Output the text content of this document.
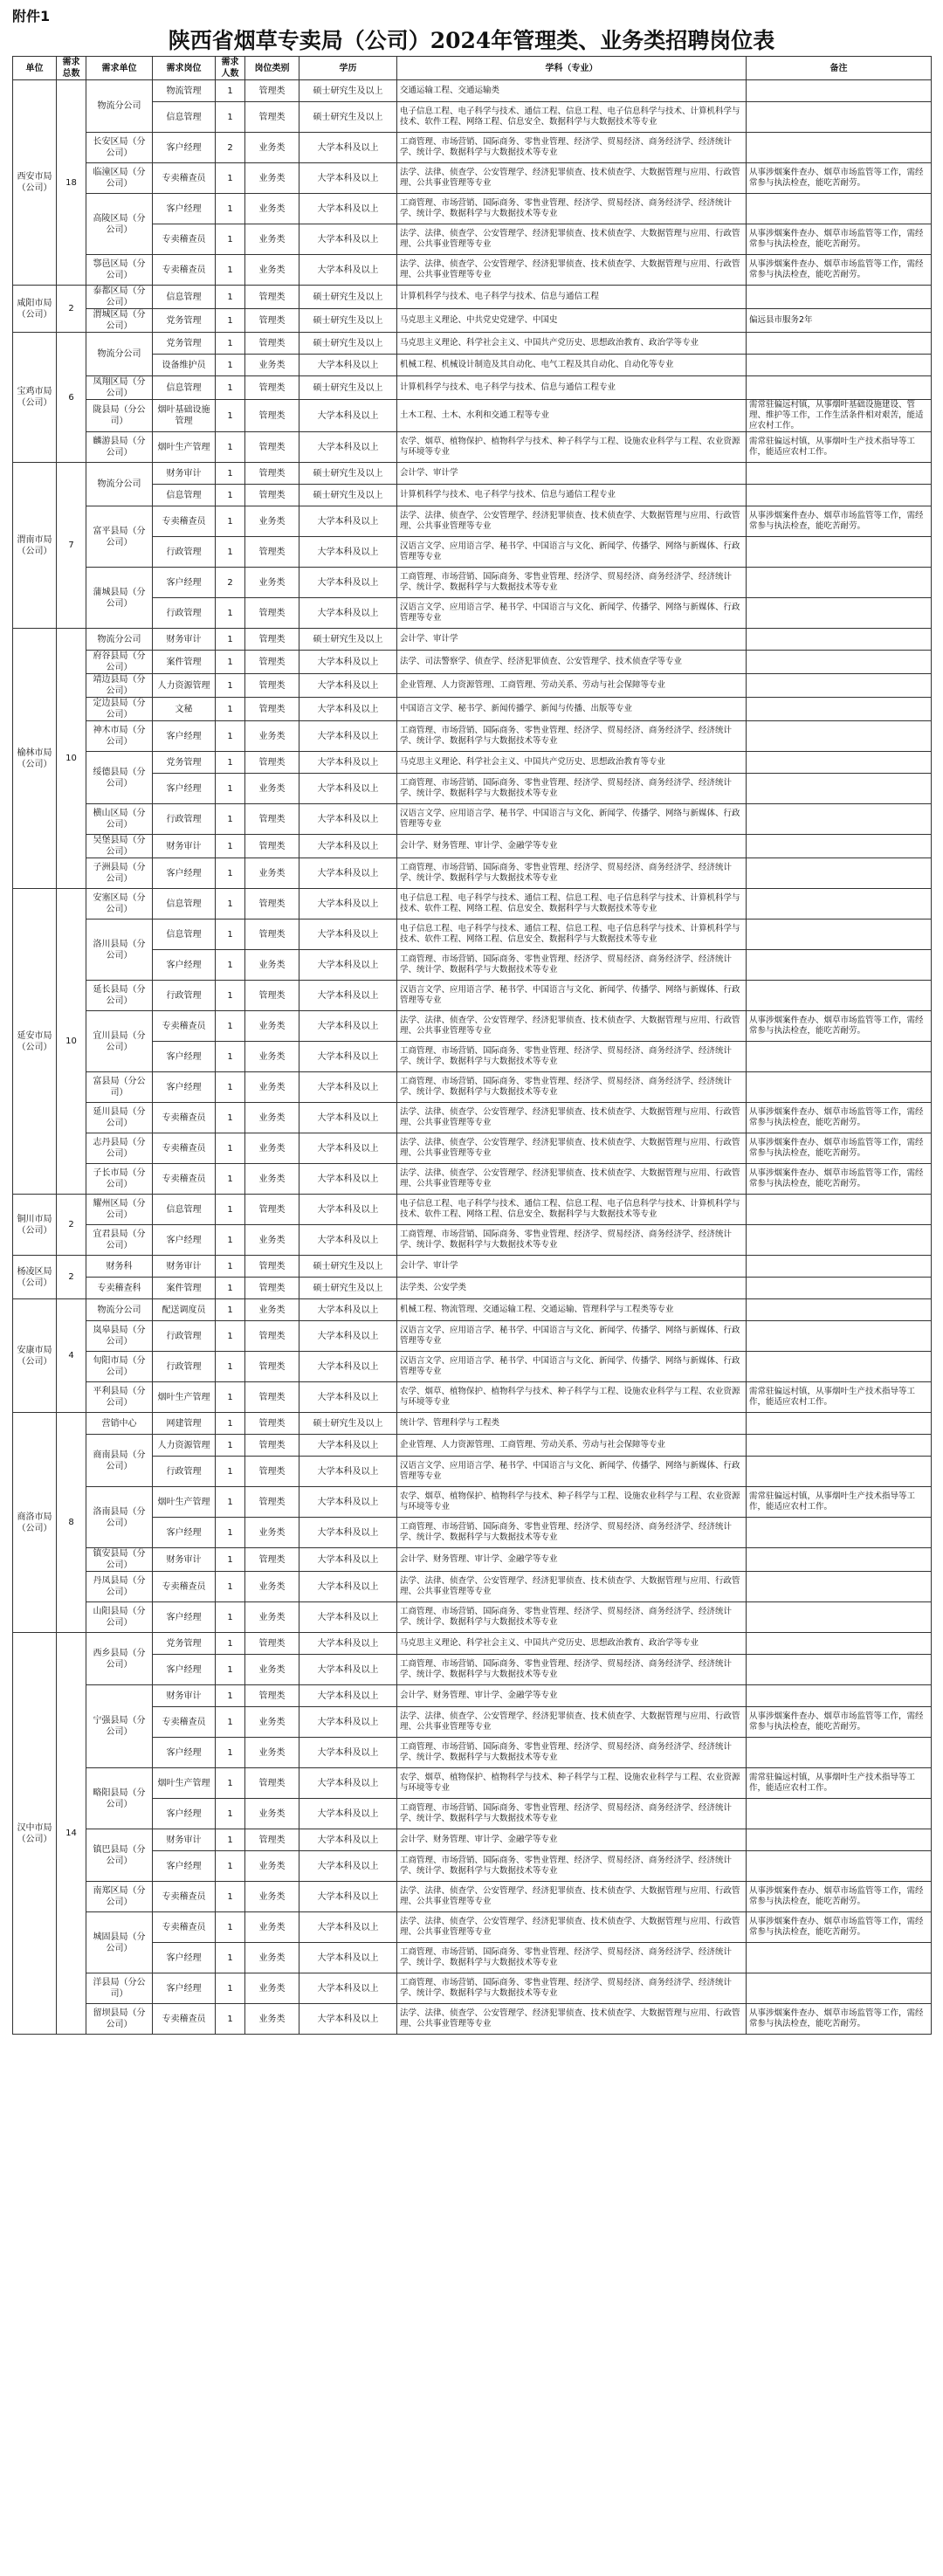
附件1
陕西省烟草专卖局（公司）2024年管理类、业务类招聘岗位表
单位	需求总数	需求单位	需求岗位	需求人数	岗位类别	学历	学科（专业）	备注
西安市局（公司）	18	物流分公司	物流管理	1	管理类	硕士研究生及以上	交通运输工程、交通运输类	
			信息管理	1	管理类	硕士研究生及以上	电子信息工程、电子科学与技术、通信工程、信息工程、电子信息科学与技术、计算机科学与技术、软件工程、网络工程、信息安全、数据科学与大数据技术等专业	
		长安区局（分公司）	客户经理	2	业务类	大学本科及以上	工商管理、市场营销、国际商务、零售业管理、经济学、贸易经济、商务经济学、经济统计学、统计学、数据科学与大数据技术等专业	
		临潼区局（分公司）	专卖稽查员	1	业务类	大学本科及以上	法学、法律、侦查学、公安管理学、经济犯罪侦查、技术侦查学、大数据管理与应用、行政管理、公共事业管理等专业	从事涉烟案件查办、烟草市场监管等工作，需经常参与执法检查，能吃苦耐劳。
		高陵区局（分公司）	客户经理	1	业务类	大学本科及以上	工商管理、市场营销、国际商务、零售业管理、经济学、贸易经济、商务经济学、经济统计学、统计学、数据科学与大数据技术等专业	
			专卖稽查员	1	业务类	大学本科及以上	法学、法律、侦查学、公安管理学、经济犯罪侦查、技术侦查学、大数据管理与应用、行政管理、公共事业管理等专业	从事涉烟案件查办、烟草市场监管等工作，需经常参与执法检查，能吃苦耐劳。
		鄠邑区局（分公司）	专卖稽查员	1	业务类	大学本科及以上	法学、法律、侦查学、公安管理学、经济犯罪侦查、技术侦查学、大数据管理与应用、行政管理、公共事业管理等专业	从事涉烟案件查办、烟草市场监管等工作，需经常参与执法检查，能吃苦耐劳。
咸阳市局（公司）	2	泰都区局（分公司）	信息管理	1	管理类	硕士研究生及以上	计算机科学与技术、电子科学与技术、信息与通信工程	
		渭城区局（分公司）	党务管理	1	管理类	硕士研究生及以上	马克思主义理论、中共党史党建学、中国史	偏远县市服务2年
宝鸡市局（公司）	6	物流分公司	党务管理	1	管理类	硕士研究生及以上	马克思主义理论、科学社会主义、中国共产党历史、思想政治教育、政治学等专业	
			设备维护员	1	业务类	大学本科及以上	机械工程、机械设计制造及其自动化、电气工程及其自动化、自动化等专业	
		凤翔区局（分公司）	信息管理	1	管理类	硕士研究生及以上	计算机科学与技术、电子科学与技术、信息与通信工程专业	
		陇县局（分公司）	烟叶基础设施管理	1	管理类	大学本科及以上	土木工程、土木、水利和交通工程等专业	需常驻偏远村镇，从事烟叶基础设施建设、管理、维护等工作，工作生活条件相对艰苦，能适应农村工作。
		麟游县局（分公司）	烟叶生产管理	1	管理类	大学本科及以上	农学、烟草、植物保护、植物科学与技术、种子科学与工程、设施农业科学与工程、农业资源与环境等专业	需常驻偏远村镇，从事烟叶生产技术指导等工作，能适应农村工作。
渭南市局（公司）	7	物流分公司	财务审计	1	管理类	硕士研究生及以上	会计学、审计学	
			信息管理	1	管理类	硕士研究生及以上	计算机科学与技术、电子科学与技术、信息与通信工程专业	
		富平县局（分公司）	专卖稽查员	1	业务类	大学本科及以上	法学、法律、侦查学、公安管理学、经济犯罪侦查、技术侦查学、大数据管理与应用、行政管理、公共事业管理等专业	从事涉烟案件查办、烟草市场监管等工作，需经常参与执法检查，能吃苦耐劳。
			行政管理	1	管理类	大学本科及以上	汉语言文学、应用语言学、秘书学、中国语言与文化、新闻学、传播学、网络与新媒体、行政管理等专业	
		蒲城县局（分公司）	客户经理	2	业务类	大学本科及以上	工商管理、市场营销、国际商务、零售业管理、经济学、贸易经济、商务经济学、经济统计学、统计学、数据科学与大数据技术等专业	
			行政管理	1	管理类	大学本科及以上	汉语言文学、应用语言学、秘书学、中国语言与文化、新闻学、传播学、网络与新媒体、行政管理等专业	
榆林市局（公司）	10	物流分公司	财务审计	1	管理类	硕士研究生及以上	会计学、审计学	
		府谷县局（分公司）	案件管理	1	管理类	大学本科及以上	法学、司法警察学、侦查学、经济犯罪侦查、公安管理学、技术侦查学等专业	
		靖边县局（分公司）	人力资源管理	1	管理类	大学本科及以上	企业管理、人力资源管理、工商管理、劳动关系、劳动与社会保障等专业	
		定边县局（分公司）	文秘	1	管理类	大学本科及以上	中国语言文学、秘书学、新闻传播学、新闻与传播、出版等专业	
		神木市局（分公司）	客户经理	1	业务类	大学本科及以上	工商管理、市场营销、国际商务、零售业管理、经济学、贸易经济、商务经济学、经济统计学、统计学、数据科学与大数据技术等专业	
		绥德县局（分公司）	党务管理	1	管理类	大学本科及以上	马克思主义理论、科学社会主义、中国共产党历史、思想政治教育等专业	
			客户经理	1	业务类	大学本科及以上	工商管理、市场营销、国际商务、零售业管理、经济学、贸易经济、商务经济学、经济统计学、统计学、数据科学与大数据技术等专业	
		横山区局（分公司）	行政管理	1	管理类	大学本科及以上	汉语言文学、应用语言学、秘书学、中国语言与文化、新闻学、传播学、网络与新媒体、行政管理等专业	
		吴堡县局（分公司）	财务审计	1	管理类	大学本科及以上	会计学、财务管理、审计学、金融学等专业	
		子洲县局（分公司）	客户经理	1	业务类	大学本科及以上	工商管理、市场营销、国际商务、零售业管理、经济学、贸易经济、商务经济学、经济统计学、统计学、数据科学与大数据技术等专业	
延安市局（公司）	10	安塞区局（分公司）	信息管理	1	管理类	大学本科及以上	电子信息工程、电子科学与技术、通信工程、信息工程、电子信息科学与技术、计算机科学与技术、软件工程、网络工程、信息安全、数据科学与大数据技术等专业	
		洛川县局（分公司）	信息管理	1	管理类	大学本科及以上	电子信息工程、电子科学与技术、通信工程、信息工程、电子信息科学与技术、计算机科学与技术、软件工程、网络工程、信息安全、数据科学与大数据技术等专业	
			客户经理	1	业务类	大学本科及以上	工商管理、市场营销、国际商务、零售业管理、经济学、贸易经济、商务经济学、经济统计学、统计学、数据科学与大数据技术等专业	
		延长县局（分公司）	行政管理	1	管理类	大学本科及以上	汉语言文学、应用语言学、秘书学、中国语言与文化、新闻学、传播学、网络与新媒体、行政管理等专业	
		宜川县局（分公司）	专卖稽查员	1	业务类	大学本科及以上	法学、法律、侦查学、公安管理学、经济犯罪侦查、技术侦查学、大数据管理与应用、行政管理、公共事业管理等专业	从事涉烟案件查办、烟草市场监管等工作，需经常参与执法检查，能吃苦耐劳。
			客户经理	1	业务类	大学本科及以上	工商管理、市场营销、国际商务、零售业管理、经济学、贸易经济、商务经济学、经济统计学、统计学、数据科学与大数据技术等专业	
		富县局（分公司）	客户经理	1	业务类	大学本科及以上	工商管理、市场营销、国际商务、零售业管理、经济学、贸易经济、商务经济学、经济统计学、统计学、数据科学与大数据技术等专业	
		延川县局（分公司）	专卖稽查员	1	业务类	大学本科及以上	法学、法律、侦查学、公安管理学、经济犯罪侦查、技术侦查学、大数据管理与应用、行政管理、公共事业管理等专业	从事涉烟案件查办、烟草市场监管等工作，需经常参与执法检查，能吃苦耐劳。
		志丹县局（分公司）	专卖稽查员	1	业务类	大学本科及以上	法学、法律、侦查学、公安管理学、经济犯罪侦查、技术侦查学、大数据管理与应用、行政管理、公共事业管理等专业	从事涉烟案件查办、烟草市场监管等工作，需经常参与执法检查，能吃苦耐劳。
		子长市局（分公司）	专卖稽查员	1	业务类	大学本科及以上	法学、法律、侦查学、公安管理学、经济犯罪侦查、技术侦查学、大数据管理与应用、行政管理、公共事业管理等专业	从事涉烟案件查办、烟草市场监管等工作，需经常参与执法检查，能吃苦耐劳。
铜川市局（公司）	2	耀州区局（分公司）	信息管理	1	管理类	大学本科及以上	电子信息工程、电子科学与技术、通信工程、信息工程、电子信息科学与技术、计算机科学与技术、软件工程、网络工程、信息安全、数据科学与大数据技术等专业	
		宜君县局（分公司）	客户经理	1	业务类	大学本科及以上	工商管理、市场营销、国际商务、零售业管理、经济学、贸易经济、商务经济学、经济统计学、统计学、数据科学与大数据技术等专业	
杨凌区局（公司）	2	财务科	财务审计	1	管理类	硕士研究生及以上	会计学、审计学	
		专卖稽查科	案件管理	1	管理类	硕士研究生及以上	法学类、公安学类	
安康市局（公司）	4	物流分公司	配送调度员	1	业务类	大学本科及以上	机械工程、物流管理、交通运输工程、交通运输、管理科学与工程类等专业	
		岚皋县局（分公司）	行政管理	1	管理类	大学本科及以上	汉语言文学、应用语言学、秘书学、中国语言与文化、新闻学、传播学、网络与新媒体、行政管理等专业	
		旬阳市局（分公司）	行政管理	1	管理类	大学本科及以上	汉语言文学、应用语言学、秘书学、中国语言与文化、新闻学、传播学、网络与新媒体、行政管理等专业	
		平利县局（分公司）	烟叶生产管理	1	管理类	大学本科及以上	农学、烟草、植物保护、植物科学与技术、种子科学与工程、设施农业科学与工程、农业资源与环境等专业	需常驻偏远村镇，从事烟叶生产技术指导等工作，能适应农村工作。
商洛市局（公司）	8	营销中心	网建管理	1	管理类	硕士研究生及以上	统计学、管理科学与工程类	
		商南县局（分公司）	人力资源管理	1	管理类	大学本科及以上	企业管理、人力资源管理、工商管理、劳动关系、劳动与社会保障等专业	
			行政管理	1	管理类	大学本科及以上	汉语言文学、应用语言学、秘书学、中国语言与文化、新闻学、传播学、网络与新媒体、行政管理等专业	
		洛南县局（分公司）	烟叶生产管理	1	管理类	大学本科及以上	农学、烟草、植物保护、植物科学与技术、种子科学与工程、设施农业科学与工程、农业资源与环境等专业	需常驻偏远村镇，从事烟叶生产技术指导等工作，能适应农村工作。
			客户经理	1	业务类	大学本科及以上	工商管理、市场营销、国际商务、零售业管理、经济学、贸易经济、商务经济学、经济统计学、统计学、数据科学与大数据技术等专业	
		镇安县局（分公司）	财务审计	1	管理类	大学本科及以上	会计学、财务管理、审计学、金融学等专业	
		丹凤县局（分公司）	专卖稽查员	1	业务类	大学本科及以上	法学、法律、侦查学、公安管理学、经济犯罪侦查、技术侦查学、大数据管理与应用、行政管理、公共事业管理等专业	
		山阳县局（分公司）	客户经理	1	业务类	大学本科及以上	工商管理、市场营销、国际商务、零售业管理、经济学、贸易经济、商务经济学、经济统计学、统计学、数据科学与大数据技术等专业	
汉中市局（公司）	14	西乡县局（分公司）	党务管理	1	管理类	大学本科及以上	马克思主义理论、科学社会主义、中国共产党历史、思想政治教育、政治学等专业	
			客户经理	1	业务类	大学本科及以上	工商管理、市场营销、国际商务、零售业管理、经济学、贸易经济、商务经济学、经济统计学、统计学、数据科学与大数据技术等专业	
		宁强县局（分公司）	财务审计	1	管理类	大学本科及以上	会计学、财务管理、审计学、金融学等专业	
			专卖稽查员	1	业务类	大学本科及以上	法学、法律、侦查学、公安管理学、经济犯罪侦查、技术侦查学、大数据管理与应用、行政管理、公共事业管理等专业	从事涉烟案件查办、烟草市场监管等工作，需经常参与执法检查，能吃苦耐劳。
			客户经理	1	业务类	大学本科及以上	工商管理、市场营销、国际商务、零售业管理、经济学、贸易经济、商务经济学、经济统计学、统计学、数据科学与大数据技术等专业	
		略阳县局（分公司）	烟叶生产管理	1	管理类	大学本科及以上	农学、烟草、植物保护、植物科学与技术、种子科学与工程、设施农业科学与工程、农业资源与环境等专业	需常驻偏远村镇，从事烟叶生产技术指导等工作，能适应农村工作。
			客户经理	1	业务类	大学本科及以上	工商管理、市场营销、国际商务、零售业管理、经济学、贸易经济、商务经济学、经济统计学、统计学、数据科学与大数据技术等专业	
		镇巴县局（分公司）	财务审计	1	管理类	大学本科及以上	会计学、财务管理、审计学、金融学等专业	
			客户经理	1	业务类	大学本科及以上	工商管理、市场营销、国际商务、零售业管理、经济学、贸易经济、商务经济学、经济统计学、统计学、数据科学与大数据技术等专业	
		南郑区局（分公司）	专卖稽查员	1	业务类	大学本科及以上	法学、法律、侦查学、公安管理学、经济犯罪侦查、技术侦查学、大数据管理与应用、行政管理、公共事业管理等专业	从事涉烟案件查办、烟草市场监管等工作，需经常参与执法检查，能吃苦耐劳。
		城固县局（分公司）	专卖稽查员	1	业务类	大学本科及以上	法学、法律、侦查学、公安管理学、经济犯罪侦查、技术侦查学、大数据管理与应用、行政管理、公共事业管理等专业	从事涉烟案件查办、烟草市场监管等工作，需经常参与执法检查，能吃苦耐劳。
			客户经理	1	业务类	大学本科及以上	工商管理、市场营销、国际商务、零售业管理、经济学、贸易经济、商务经济学、经济统计学、统计学、数据科学与大数据技术等专业	
		洋县局（分公司）	客户经理	1	业务类	大学本科及以上	工商管理、市场营销、国际商务、零售业管理、经济学、贸易经济、商务经济学、经济统计学、统计学、数据科学与大数据技术等专业	
		留坝县局（分公司）	专卖稽查员	1	业务类	大学本科及以上	法学、法律、侦查学、公安管理学、经济犯罪侦查、技术侦查学、大数据管理与应用、行政管理、公共事业管理等专业	从事涉烟案件查办、烟草市场监管等工作，需经常参与执法检查，能吃苦耐劳。
